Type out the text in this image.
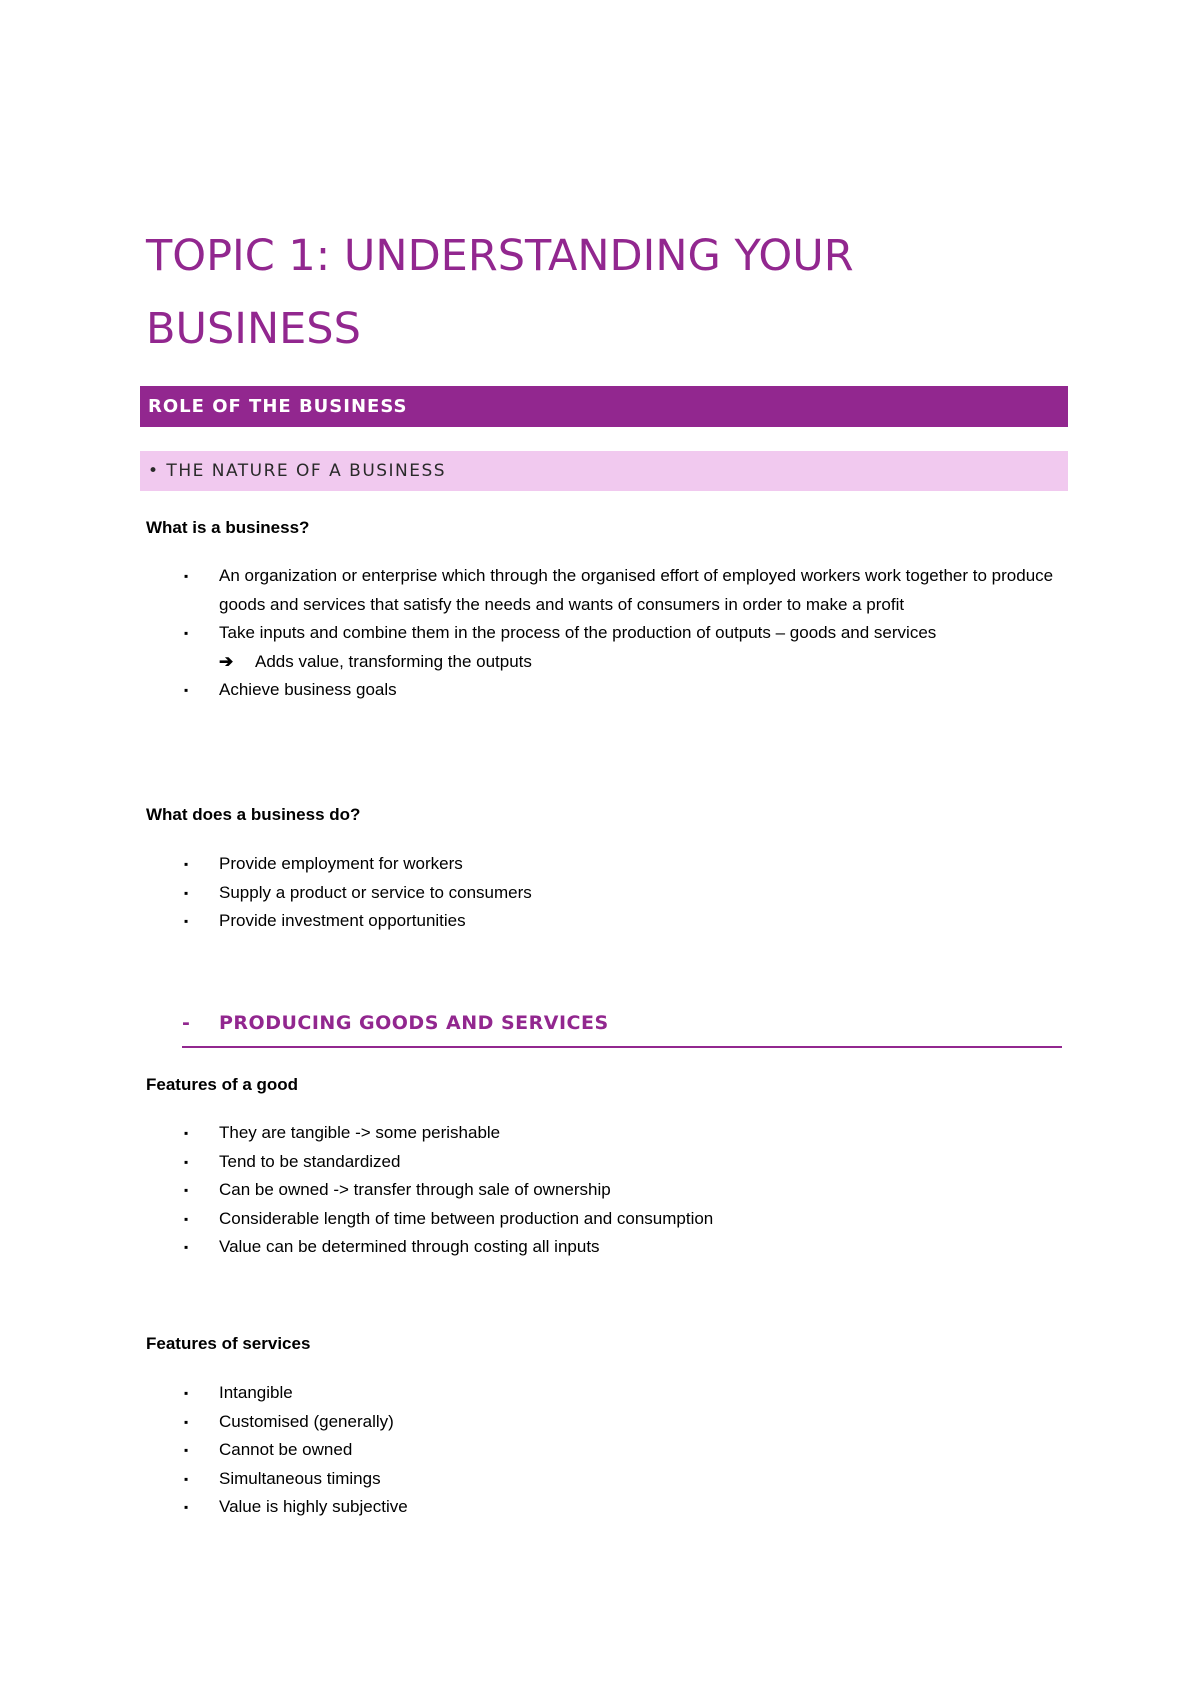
TOPIC 1: UNDERSTANDING YOUR BUSINESS
ROLE OF THE BUSINESS
• THE NATURE OF A BUSINESS

What is a business?

▪ An organization or enterprise which through the organised effort of employed workers work together to produce goods and services that satisfy the needs and wants of consumers in order to make a profit
▪ Take inputs and combine them in the process of the production of outputs – goods and services
➔ Adds value, transforming the outputs
▪ Achieve business goals

What does a business do?

▪ Provide employment for workers
▪ Supply a product or service to consumers
▪ Provide investment opportunities
-	PRODUCING GOODS AND SERVICES

Features of a good

▪ They are tangible -> some perishable
▪ Tend to be standardized
▪ Can be owned -> transfer through sale of ownership
▪ Considerable length of time between production and consumption
▪ Value can be determined through costing all inputs

Features of services

▪ Intangible
▪ Customised (generally)
▪ Cannot be owned
▪ Simultaneous timings
▪ Value is highly subjective
